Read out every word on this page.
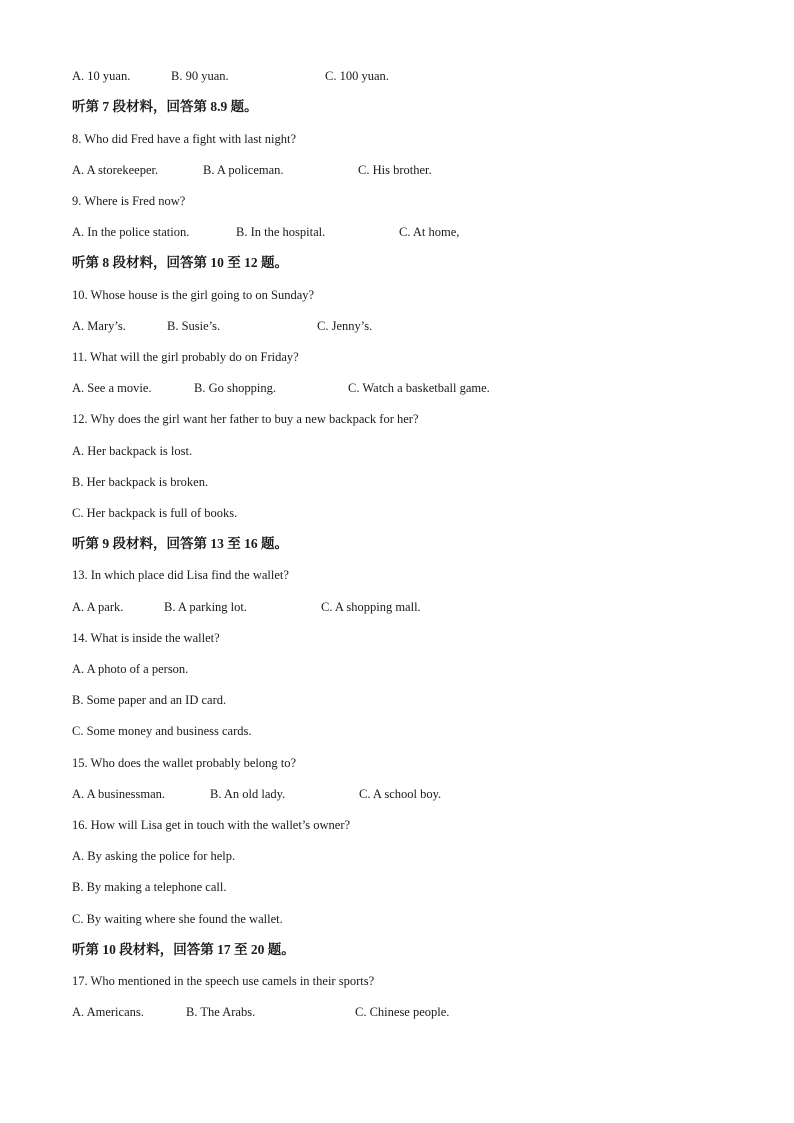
A. 10 yuan.	B. 90 yuan.	C. 100 yuan.
听第 7 段材料，回答第 8.9 题。
8. Who did Fred have a fight with last night?
A. A storekeeper.	B. A policeman.	C. His brother.
9. Where is Fred now?
A. In the police station.	B. In the hospital.	C. At home,
听第 8 段材料，回答第 10 至 12 题。
10. Whose house is the girl going to on Sunday?
A. Mary’s.	B. Susie’s.	C. Jenny’s.
11. What will the girl probably do on Friday?
A. See a movie.	B. Go shopping.	C. Watch a basketball game.
12. Why does the girl want her father to buy a new backpack for her?
A. Her backpack is lost.
B. Her backpack is broken.
C. Her backpack is full of books.
听第 9 段材料，回答第 13 至 16 题。
13. In which place did Lisa find the wallet?
A. A park.	B. A parking lot.	C. A shopping mall.
14. What is inside the wallet?
A. A photo of a person.
B. Some paper and an ID card.
C. Some money and business cards.
15. Who does the wallet probably belong to?
A. A businessman.	B. An old lady.	C. A school boy.
16. How will Lisa get in touch with the wallet’s owner?
A. By asking the police for help.
B. By making a telephone call.
C. By waiting where she found the wallet.
听第 10 段材料，回答第 17 至 20 题。
17. Who mentioned in the speech use camels in their sports?
A. Americans.	B. The Arabs.	C. Chinese people.
